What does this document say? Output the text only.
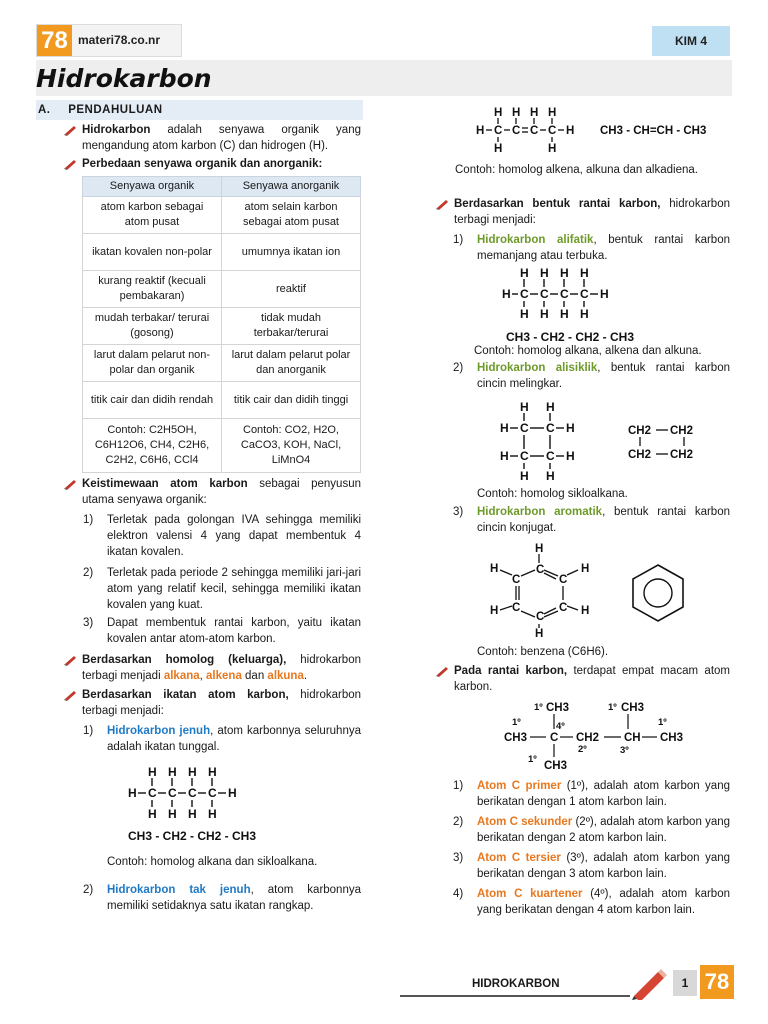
78 materi78.co.nr	KIM 4
Hidrokarbon
A. PENDAHULUAN
Hidrokarbon adalah senyawa organik yang mengandung atom karbon (C) dan hidrogen (H).
Perbedaan senyawa organik dan anorganik:
Senyawa organik	Senyawa anorganik
atom karbon sebagai atom pusat	atom selain karbon sebagai atom pusat
ikatan kovalen non-polar	umumnya ikatan ion
kurang reaktif (kecuali pembakaran)	reaktif
mudah terbakar/ terurai (gosong)	tidak mudah terbakar/terurai
larut dalam pelarut non-polar dan organik	larut dalam pelarut polar dan anorganik
titik cair dan didih rendah	titik cair dan didih tinggi
Contoh: C2H5OH, C6H12O6, CH4, C2H6, C2H2, C6H6, CCl4	Contoh: CO2, H2O, CaCO3, KOH, NaCl, LiMnO4
Keistimewaan atom karbon sebagai penyusun utama senyawa organik:
1) Terletak pada golongan IVA sehingga memiliki elektron valensi 4 yang dapat membentuk 4 ikatan kovalen.
2) Terletak pada periode 2 sehingga memiliki jari-jari atom yang relatif kecil, sehingga memiliki ikatan kovalen yang kuat.
3) Dapat membentuk rantai karbon, yaitu ikatan kovalen antar atom-atom karbon.
Berdasarkan homolog (keluarga), hidrokarbon terbagi menjadi alkana, alkena dan alkuna.
Berdasarkan ikatan atom karbon, hidrokarbon terbagi menjadi:
1) Hidrokarbon jenuh, atom karbonnya seluruhnya adalah ikatan tunggal.
H H H H
H C C C C H
H H H H
CH3 - CH2 - CH2 - CH3
Contoh: homolog alkana dan sikloalkana.
2) Hidrokarbon tak jenuh, atom karbonnya memiliki setidaknya satu ikatan rangkap.
H H H H
H C C C C H
H	H
CH3 - CH=CH - CH3
Contoh: homolog alkena, alkuna dan alkadiena.
Berdasarkan bentuk rantai karbon, hidrokarbon terbagi menjadi:
1) Hidrokarbon alifatik, bentuk rantai karbon memanjang atau terbuka.
H H H H
H C C C C H
H H H H
CH3 - CH2 - CH2 - CH3
Contoh: homolog alkana, alkena dan alkuna.
2) Hidrokarbon alisiklik, bentuk rantai karbon cincin melingkar.
H H
H C C H
H C C H
H H
CH2 CH2
CH2 CH2
Contoh: homolog sikloalkana.
3) Hidrokarbon aromatik, bentuk rantai karbon cincin konjugat.
H
C
H
C	C
H
C	C
H	H
C
H
Contoh: benzena (C6H6).
Pada rantai karbon, terdapat empat macam atom karbon.
1º CH3	1º CH3
1º	4º	1º
CH3 C CH2 CH CH3
2º	3º
1º
CH3
1) Atom C primer (1º), adalah atom karbon yang berikatan dengan 1 atom karbon lain.
2) Atom C sekunder (2º), adalah atom karbon yang berikatan dengan 2 atom karbon lain.
3) Atom C tersier (3º), adalah atom karbon yang berikatan dengan 3 atom karbon lain.
4) Atom C kuartener (4º), adalah atom karbon yang berikatan dengan 4 atom karbon lain.
HIDROKARBON	1 78
